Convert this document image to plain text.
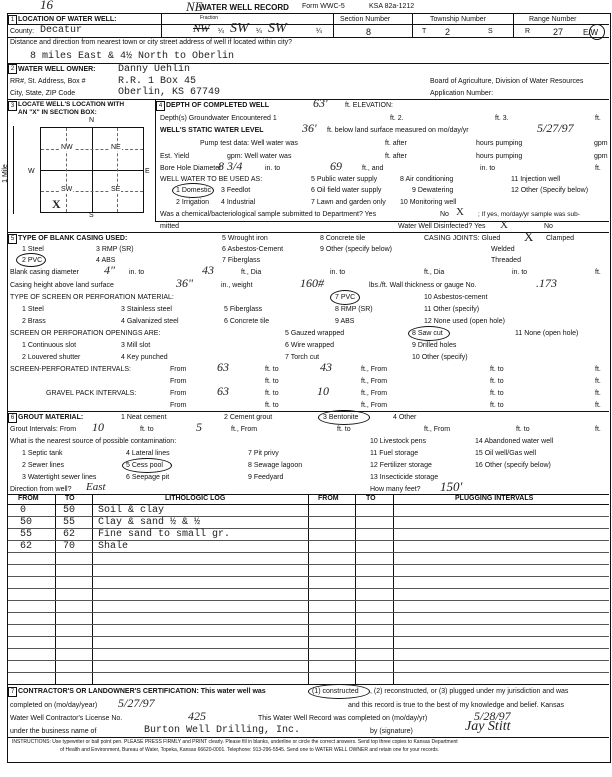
16	NE
WATER WELL RECORD Form WWC-5	KSA 82a-1212
1 LOCATION OF WATER WELL:	Fraction	Section Number	Township Number	Range Number
County: Decatur	NW ¼ SW ¼ SW	¼	8	T 2	S	R	27 E/W
Distance and direction from nearest town or city street address of well if located within city?
8 miles East & 4½ North to Oberlin
2 WATER WELL OWNER: Danny Uehlin
RR#, St. Address, Box #	R.R. 1 Box 45
City, State, ZIP Code	Oberlin, KS 67749
Board of Agriculture, Division of Water Resources
Application Number:
3 LOCATE WELL'S LOCATION WITH
AN "X" IN SECTION BOX:
N
S
W	E
1 Mile
NW	NE
SW	SE
X
4 DEPTH OF COMPLETED WELL	63' ft. ELEVATION:
Depth(s) Groundwater Encountered 1	ft. 2.	ft. 3.	ft.
WELL'S STATIC WATER LEVEL	36' ft. below land surface measured on mo/day/yr	5/27/97
Pump test data: Well water was	ft. after	hours pumping	gpm
Est. Yield	gpm: Well water was	ft. after	hours pumping	gpm
Bore Hole Diameter
8 3/4	in. to	69	ft., and	in. to	ft.
WELL WATER TO BE USED AS:
1 Domestic 3 Feedlot
5 Public water supply	8 Air conditioning	11 Injection well
2 Irrigation 4 Industrial
6 Oil field water supply	9 Dewatering	12 Other (Specify below)
7 Lawn and garden only 10 Monitoring well
Was a chemical/bacteriological sample submitted to Department? Yes	No X ; If yes, mo/day/yr sample was sub-
mitted	Water Well Disinfected? Yes X	No
5 TYPE OF BLANK CASING USED:
1 Steel	3 RMP (SR)
5 Wrought iron	8 Concrete tile
2 PVC	4 ABS
6 Asbestos-Cement	9 Other (specify below)
7 Fiberglass
CASING JOINTS: Glued X Clamped
Welded
Threaded
Blank casing diameter 4" in. to	43	ft., Dia	in. to	ft., Dia	in. to	ft.
Casing height above land surface	36"	in., weight	160#	lbs./ft. Wall thickness or gauge No.	.173
TYPE OF SCREEN OR PERFORATION MATERIAL:
1 Steel	3 Stainless steel	5 Fiberglass
7 PVC	10 Asbestos-cement
2 Brass	4 Galvanized steel	6 Concrete tile
8 RMP (SR)	11 Other (specify)
9 ABS	12 None used (open hole)
SCREEN OR PERFORATION OPENINGS ARE:
1 Continuous slot	3 Mill slot
5 Gauzed wrapped	8 Saw cut	11 None (open hole)
2 Louvered shutter	4 Key punched
6 Wire wrapped	9 Drilled holes
7 Torch cut	10 Other (specify)
SCREEN-PERFORATED INTERVALS:	From	63	ft. to	43	ft., From	ft. to	ft.
From	ft. to	ft., From	ft. to	ft.
GRAVEL PACK INTERVALS:	From	63	ft. to	10	ft., From	ft. to	ft.
From	ft. to	ft., From	ft. to	ft.
6 GROUT MATERIAL:	1 Neat cement	2 Cement grout	3 Bentonite	4 Other
Grout Intervals: From 10	ft. to	5	ft., From	ft. to	ft., From	ft. to	ft.
What is the nearest source of possible contamination:
1 Septic tank	4 Lateral lines	7 Pit privy
10 Livestock pens	14 Abandoned water well
2 Sewer lines	5 Cess pool	8 Sewage lagoon
11 Fuel storage	15 Oil well/Gas well
3 Watertight sewer lines	6 Seepage pit	9 Feedyard
12 Fertilizer storage	16 Other (specify below)
13 Insecticide storage
Direction from well? East	How many feet? 150'
FROM	TO	LITHOLOGIC LOG	FROM	TO	PLUGGING INTERVALS
0	50 Soil & clay
50	55 Clay & sand ½ & ½
55	62 Fine sand to small gr.
62	70 Shale
7 CONTRACTOR'S OR LANDOWNER'S CERTIFICATION: This water well was	(1) constructed , (2) reconstructed, or (3) plugged under my jurisdiction and was
completed on (mo/day/year) 5/27/97	and this record is true to the best of my knowledge and belief. Kansas
Water Well Contractor's License No.	425	This Water Well Record was completed on (mo/day/yr)	5/28/97
under the business name of	Burton Well Drilling, Inc.	by (signature)	Jay Stitt
INSTRUCTIONS: Use typewriter or ball point pen. PLEASE PRESS FIRMLY and PRINT clearly. Please fill in blanks, underline or circle the correct answers. Send top three copies to Kansas Department
of Health and Environment, Bureau of Water, Topeka, Kansas 66620-0001. Telephone: 913-296-5545. Send one to WATER WELL OWNER and retain one for your records.
